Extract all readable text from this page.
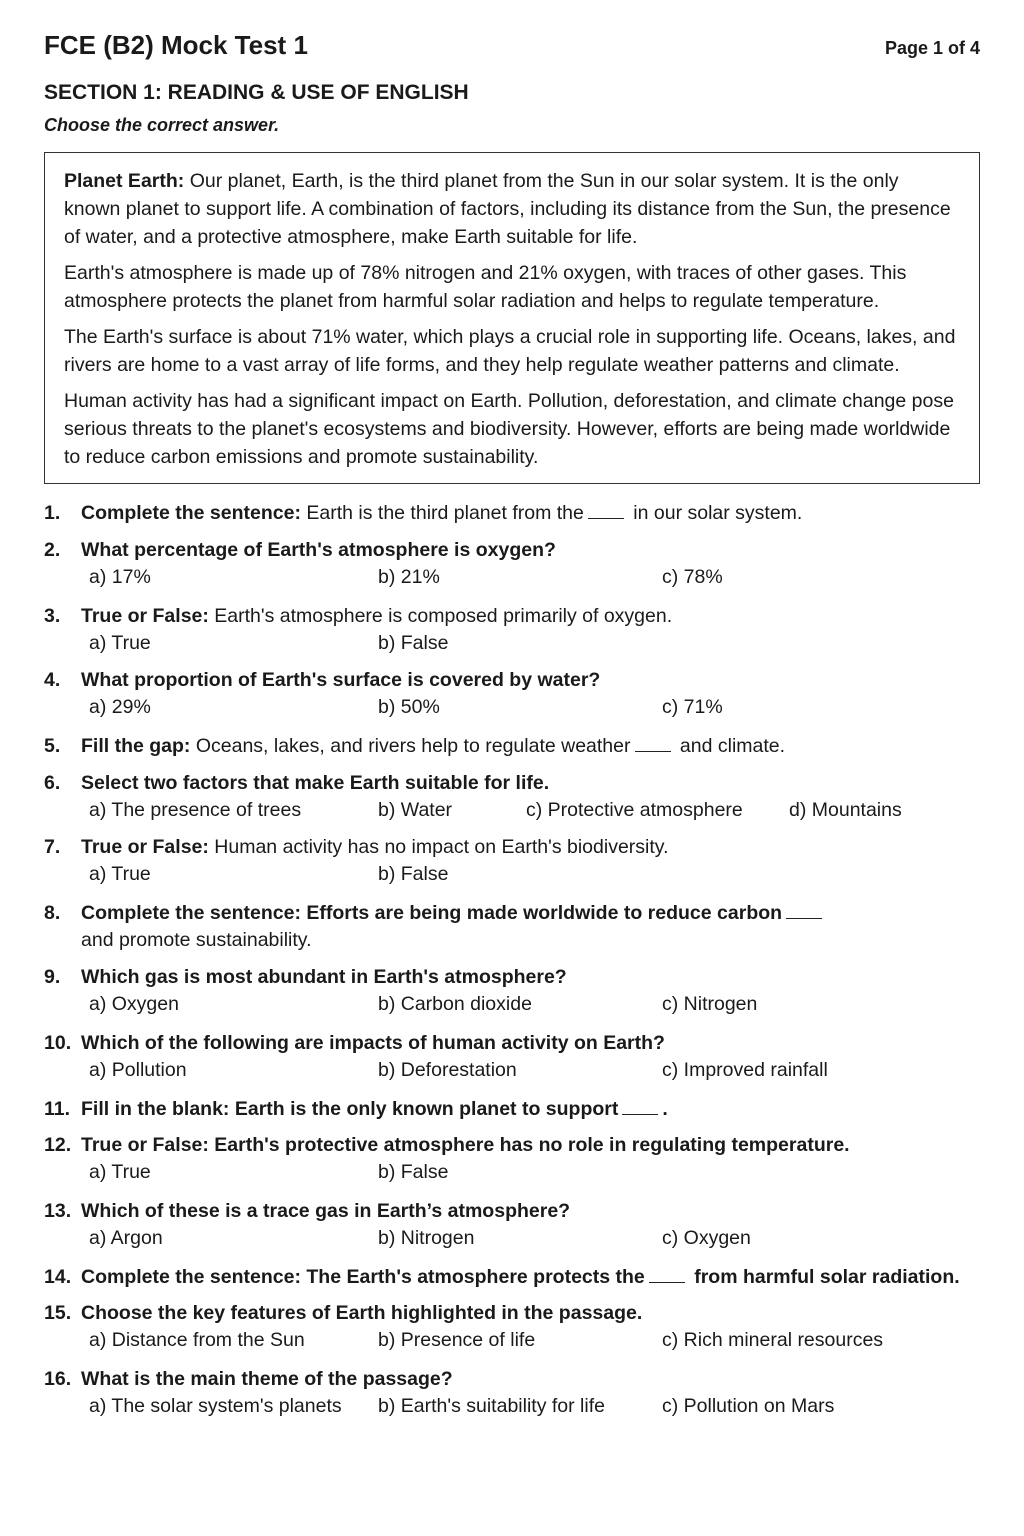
FCE (B2) Mock Test 1	Page 1 of 4
SECTION 1: READING & USE OF ENGLISH
Choose the correct answer.

Planet Earth: Our planet, Earth, is the third planet from the Sun in our solar system. It is the only known planet to support life. A combination of factors, including its distance from the Sun, the presence of water, and a protective atmosphere, make Earth suitable for life.

Earth's atmosphere is made up of 78% nitrogen and 21% oxygen, with traces of other gases. This atmosphere protects the planet from harmful solar radiation and helps to regulate temperature.

The Earth's surface is about 71% water, which plays a crucial role in supporting life. Oceans, lakes, and rivers are home to a vast array of life forms, and they help regulate weather patterns and climate.

Human activity has had a significant impact on Earth. Pollution, deforestation, and climate change pose serious threats to the planet's ecosystems and biodiversity. However, efforts are being made worldwide to reduce carbon emissions and promote sustainability.

1. Complete the sentence: Earth is the third planet from the in our solar system.
2. What percentage of Earth's atmosphere is oxygen?
a) 17%	b) 21%	c) 78%
3. True or False: Earth's atmosphere is composed primarily of oxygen.
a) True	b) False
4. What proportion of Earth's surface is covered by water?
a) 29%	b) 50%	c) 71%
5. Fill the gap: Oceans, lakes, and rivers help to regulate weather and climate.
6. Select two factors that make Earth suitable for life.
a) The presence of trees	b) Water	c) Protective atmosphere d) Mountains
7. True or False: Human activity has no impact on Earth's biodiversity.
a) True	b) False
8. Complete the sentence: Efforts are being made worldwide to reduce carbon
and promote sustainability.
9. Which gas is most abundant in Earth's atmosphere?
a) Oxygen	b) Carbon dioxide	c) Nitrogen
10. Which of the following are impacts of human activity on Earth?
a) Pollution	b) Deforestation	c) Improved rainfall
11. Fill in the blank: Earth is the only known planet to support .
12. True or False: Earth's protective atmosphere has no role in regulating temperature.
a) True	b) False
13. Which of these is a trace gas in Earth’s atmosphere?
a) Argon	b) Nitrogen	c) Oxygen
14. Complete the sentence: The Earth's atmosphere protects the from harmful solar radiation.
15. Choose the key features of Earth highlighted in the passage.
a) Distance from the Sun	b) Presence of life	c) Rich mineral resources
16. What is the main theme of the passage?
a) The solar system's planets b) Earth's suitability for life	c) Pollution on Mars
